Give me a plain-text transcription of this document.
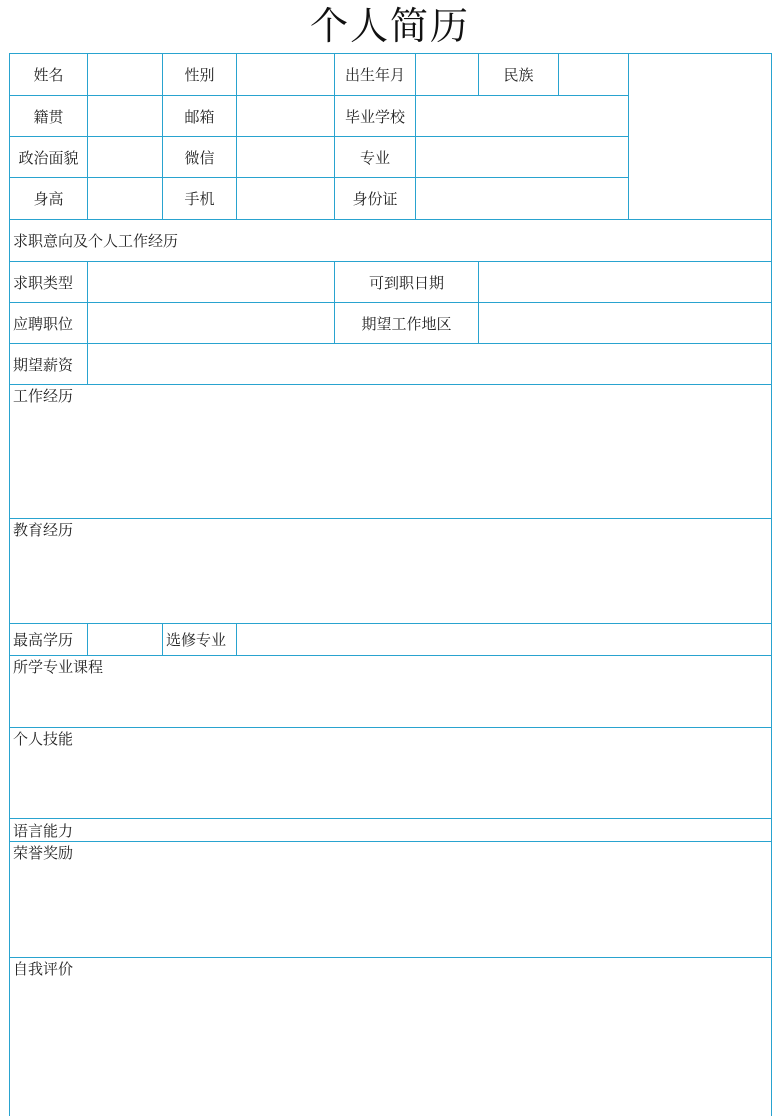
个人简历
姓名	性别	出生年月	民族
籍贯	邮箱	毕业学校
政治面貌	微信	专业
身高	手机	身份证
求职意向及个人工作经历
求职类型	可到职日期
应聘职位	期望工作地区
期望薪资
工作经历
教育经历
最高学历	选修专业
所学专业课程
个人技能
语言能力
荣誉奖励
自我评价
